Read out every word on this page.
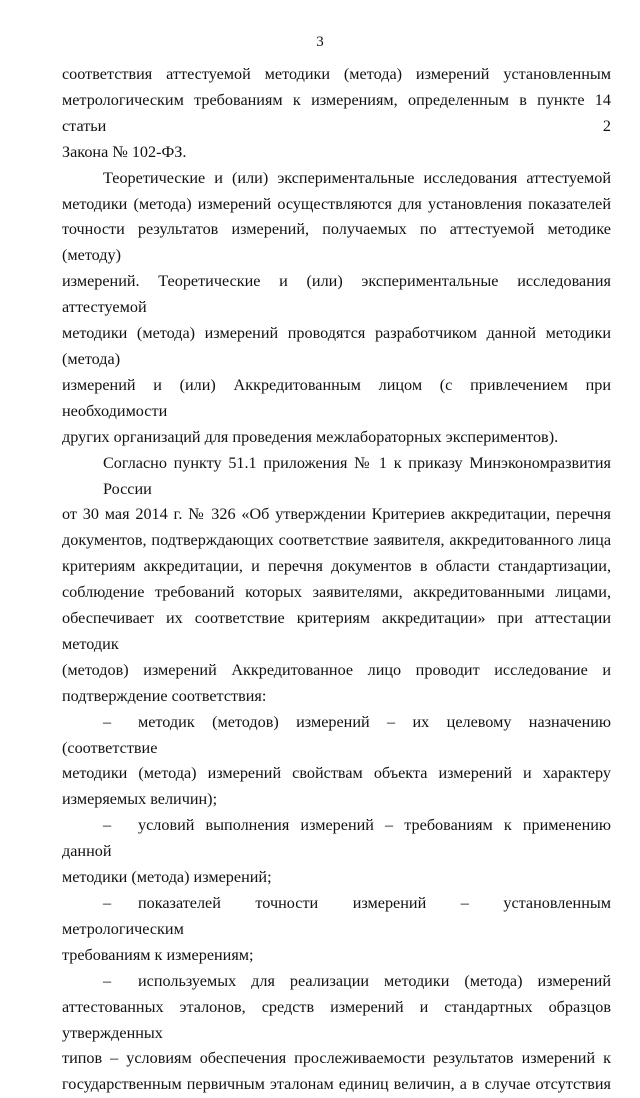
3

соответствия аттестуемой методики (метода) измерений установленным
метрологическим требованиям к измерениям, определенным в пункте 14 статьи 2
Закона № 102-ФЗ.

Теоретические и (или) экспериментальные исследования аттестуемой
методики (метода) измерений осуществляются для установления показателей
точности результатов измерений, получаемых по аттестуемой методике (методу)
измерений. Теоретические и (или) экспериментальные исследования аттестуемой
методики (метода) измерений проводятся разработчиком данной методики (метода)
измерений и (или) Аккредитованным лицом (с привлечением при необходимости
других организаций для проведения межлабораторных экспериментов).

Согласно пункту 51.1 приложения № 1 к приказу Минэкономразвития России
от 30 мая 2014 г. № 326 «Об утверждении Критериев аккредитации, перечня
документов, подтверждающих соответствие заявителя, аккредитованного лица
критериям аккредитации, и перечня документов в области стандартизации,
соблюдение требований которых заявителями, аккредитованными лицами,
обеспечивает их соответствие критериям аккредитации» при аттестации методик
(методов) измерений Аккредитованное лицо проводит исследование и
подтверждение соответствия:

– методик (методов) измерений – их целевому назначению (соответствие
методики (метода) измерений свойствам объекта измерений и характеру
измеряемых величин);

– условий выполнения измерений – требованиям к применению данной
методики (метода) измерений;

– показателей точности измерений – установленным метрологическим
требованиям к измерениям;

– используемых для реализации методики (метода) измерений
аттестованных эталонов, средств измерений и стандартных образцов утвержденных
типов – условиям обеспечения прослеживаемости результатов измерений к
государственным первичным эталонам единиц величин, а в случае отсутствия
